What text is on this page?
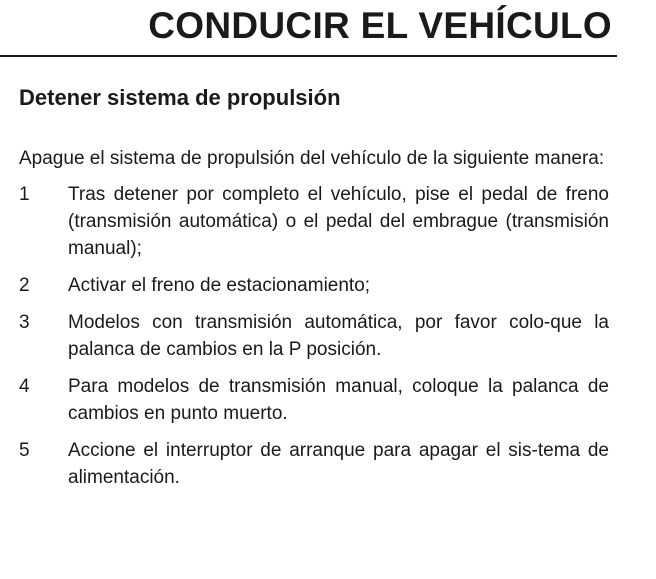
CONDUCIR EL VEHÍCULO
Detener sistema de propulsión

Apague el sistema de propulsión del vehículo de la siguiente manera:

1	Tras detener por completo el vehículo, pise el pedal de freno (transmisión automática) o el pedal del embrague (transmisión manual);
2	Activar el freno de estacionamiento;
3	Modelos con transmisión automática, por favor colo-que la palanca de cambios en la P posición.
4	Para modelos de transmisión manual, coloque la palanca de cambios en punto muerto.
5	Accione el interruptor de arranque para apagar el sis-tema de alimentación.
